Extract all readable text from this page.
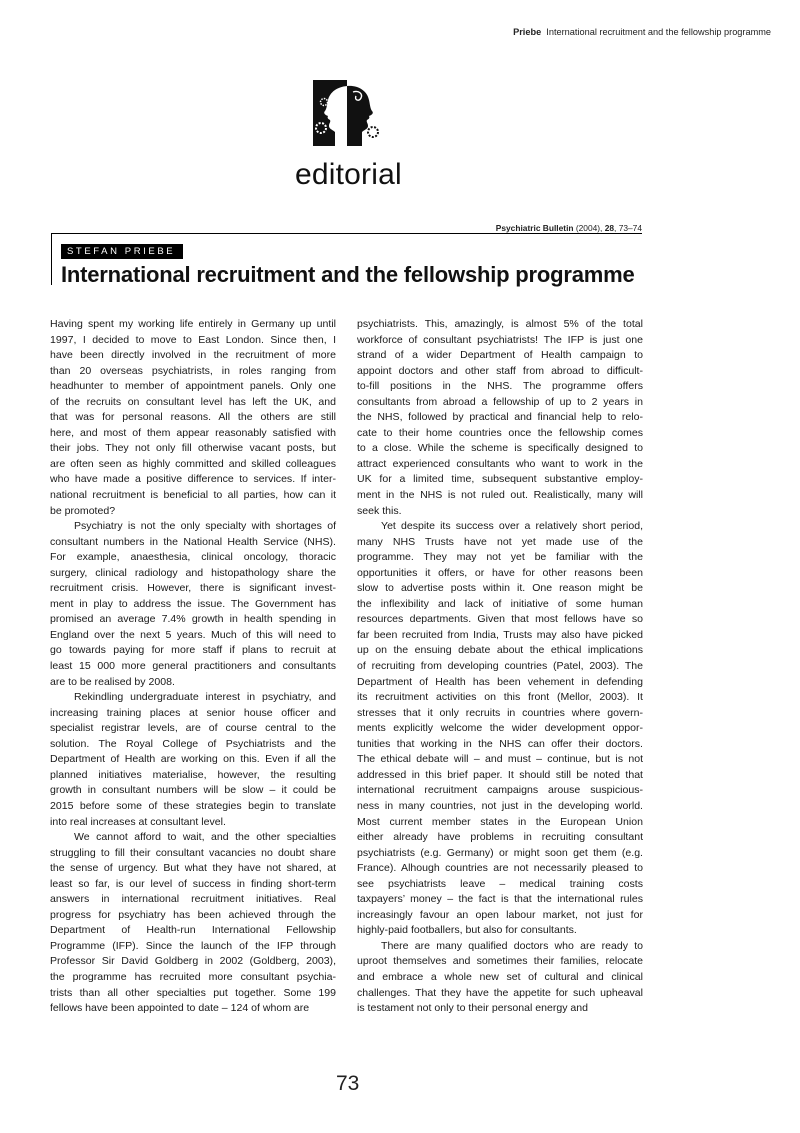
Priebe International recruitment and the fellowship programme
editorial
Psychiatric Bulletin (2004), 28, 73–74
STEFAN PRIEBE
International recruitment and the fellowship programme

Having spent my working life entirely in Germany up until
1997, I decided to move to East London. Since then, I
have been directly involved in the recruitment of more
than 20 overseas psychiatrists, in roles ranging from
headhunter to member of appointment panels. Only one
of the recruits on consultant level has left the UK, and
that was for personal reasons. All the others are still
here, and most of them appear reasonably satisfied with
their jobs. They not only fill otherwise vacant posts, but
are often seen as highly committed and skilled colleagues
who have made a positive difference to services. If inter-
national recruitment is beneficial to all parties, how can it
be promoted?

Psychiatry is not the only specialty with shortages of
consultant numbers in the National Health Service (NHS).
For example, anaesthesia, clinical oncology, thoracic
surgery, clinical radiology and histopathology share the
recruitment crisis. However, there is significant invest-
ment in play to address the issue. The Government has
promised an average 7.4% growth in health spending in
England over the next 5 years. Much of this will need to
go towards paying for more staff if plans to recruit at
least 15 000 more general practitioners and consultants
are to be realised by 2008.

Rekindling undergraduate interest in psychiatry, and
increasing training places at senior house officer and
specialist registrar levels, are of course central to the
solution. The Royal College of Psychiatrists and the
Department of Health are working on this. Even if all the
planned initiatives materialise, however, the resulting
growth in consultant numbers will be slow – it could be
2015 before some of these strategies begin to translate
into real increases at consultant level.

We cannot afford to wait, and the other specialties
struggling to fill their consultant vacancies no doubt share
the sense of urgency. But what they have not shared, at
least so far, is our level of success in finding short-term
answers in international recruitment initiatives. Real
progress for psychiatry has been achieved through the
Department of Health-run International Fellowship
Programme (IFP). Since the launch of the IFP through
Professor Sir David Goldberg in 2002 (Goldberg, 2003),
the programme has recruited more consultant psychia-
trists than all other specialties put together. Some 199
fellows have been appointed to date – 124 of whom are

psychiatrists. This, amazingly, is almost 5% of the total
workforce of consultant psychiatrists! The IFP is just one
strand of a wider Department of Health campaign to
appoint doctors and other staff from abroad to difficult-
to-fill positions in the NHS. The programme offers
consultants from abroad a fellowship of up to 2 years in
the NHS, followed by practical and financial help to relo-
cate to their home countries once the fellowship comes
to a close. While the scheme is specifically designed to
attract experienced consultants who want to work in the
UK for a limited time, subsequent substantive employ-
ment in the NHS is not ruled out. Realistically, many will
seek this.

Yet despite its success over a relatively short period,
many NHS Trusts have not yet made use of the
programme. They may not yet be familiar with the
opportunities it offers, or have for other reasons been
slow to advertise posts within it. One reason might be
the inflexibility and lack of initiative of some human
resources departments. Given that most fellows have so
far been recruited from India, Trusts may also have picked
up on the ensuing debate about the ethical implications
of recruiting from developing countries (Patel, 2003). The
Department of Health has been vehement in defending
its recruitment activities on this front (Mellor, 2003). It
stresses that it only recruits in countries where govern-
ments explicitly welcome the wider development oppor-
tunities that working in the NHS can offer their doctors.
The ethical debate will – and must – continue, but is not
addressed in this brief paper. It should still be noted that
international recruitment campaigns arouse suspicious-
ness in many countries, not just in the developing world.
Most current member states in the European Union
either already have problems in recruiting consultant
psychiatrists (e.g. Germany) or might soon get them (e.g.
France). Alhough countries are not necessarily pleased to
see psychiatrists leave – medical training costs
taxpayers’ money – the fact is that the international rules
increasingly favour an open labour market, not just for
highly-paid footballers, but also for consultants.

There are many qualified doctors who are ready to
uproot themselves and sometimes their families, relocate
and embrace a whole new set of cultural and clinical
challenges. That they have the appetite for such upheaval
is testament not only to their personal energy and

73
